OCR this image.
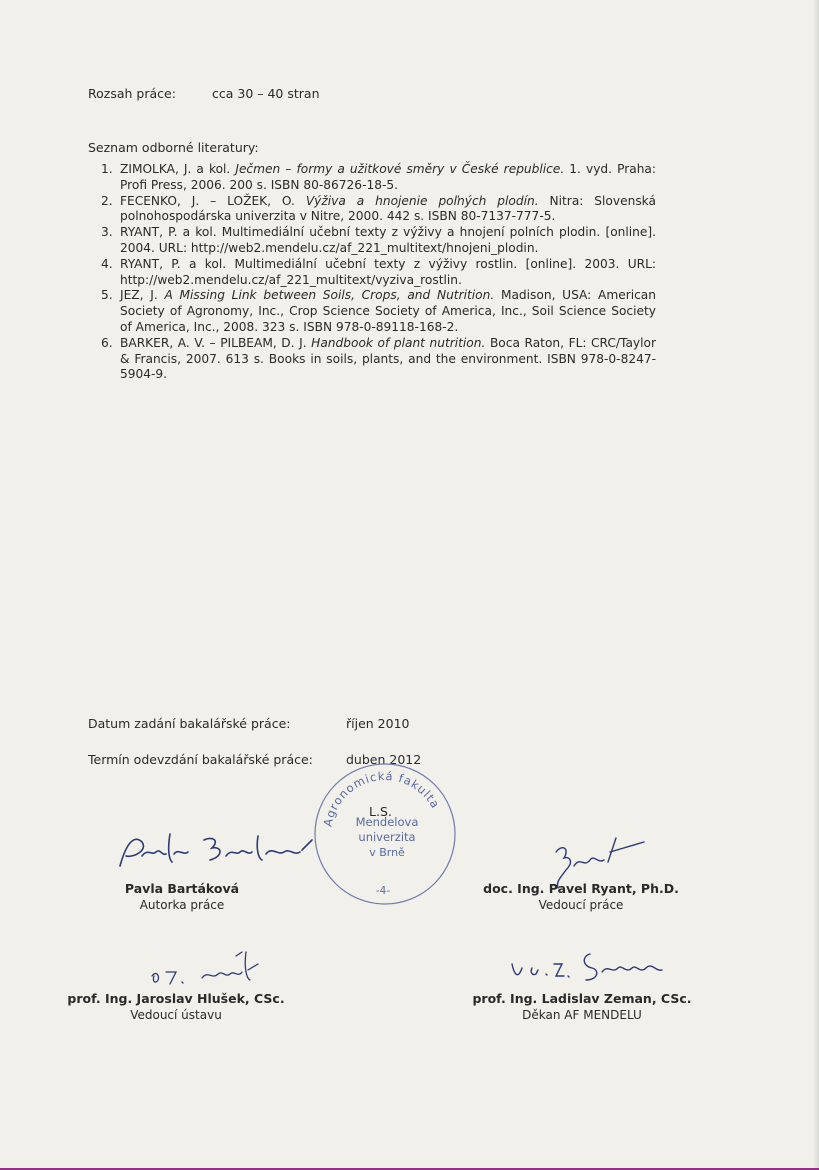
Rozsah práce:	cca 30 – 40 stran
Seznam odborné literatury:
1. ZIMOLKA, J. a kol. Ječmen – formy a užitkové směry v České republice. 1. vyd. Praha: Profi Press, 2006. 200 s. ISBN 80-86726-18-5.
2. FECENKO, J. – LOŽEK, O. Výživa a hnojenie poľných plodín. Nitra: Slovenská polnohospodárska univerzita v Nitre, 2000. 442 s. ISBN 80-7137-777-5.
3. RYANT, P. a kol. Multimediální učební texty z výživy a hnojení polních plodin. [online]. 2004. URL: http://web2.mendelu.cz/af_221_multitext/hnojeni_plodin.
4. RYANT, P. a kol. Multimediální učební texty z výživy rostlin. [online]. 2003. URL: http://web2.mendelu.cz/af_221_multitext/vyziva_rostlin.
5. JEZ, J. A Missing Link between Soils, Crops, and Nutrition. Madison, USA: American Society of Agronomy, Inc., Crop Science Society of America, Inc., Soil Science Society of America, Inc., 2008. 323 s. ISBN 978-0-89118-168-2.
6. BARKER, A. V. – PILBEAM, D. J. Handbook of plant nutrition. Boca Raton, FL: CRC/Taylor & Francis, 2007. 613 s. Books in soils, plants, and the environment. ISBN 978-0-8247-5904-9.
Datum zadání bakalářské práce:	říjen 2010
Termín odevzdání bakalářské práce:	duben 2012
Agronomická fakulta
Mendelova
univerzita
v Brně
-4-
L.S.
Pavla Bartáková
Autorka práce
doc. Ing. Pavel Ryant, Ph.D.
Vedoucí práce
prof. Ing. Jaroslav Hlušek, CSc.
Vedoucí ústavu
prof. Ing. Ladislav Zeman, CSc.
Děkan AF MENDELU
